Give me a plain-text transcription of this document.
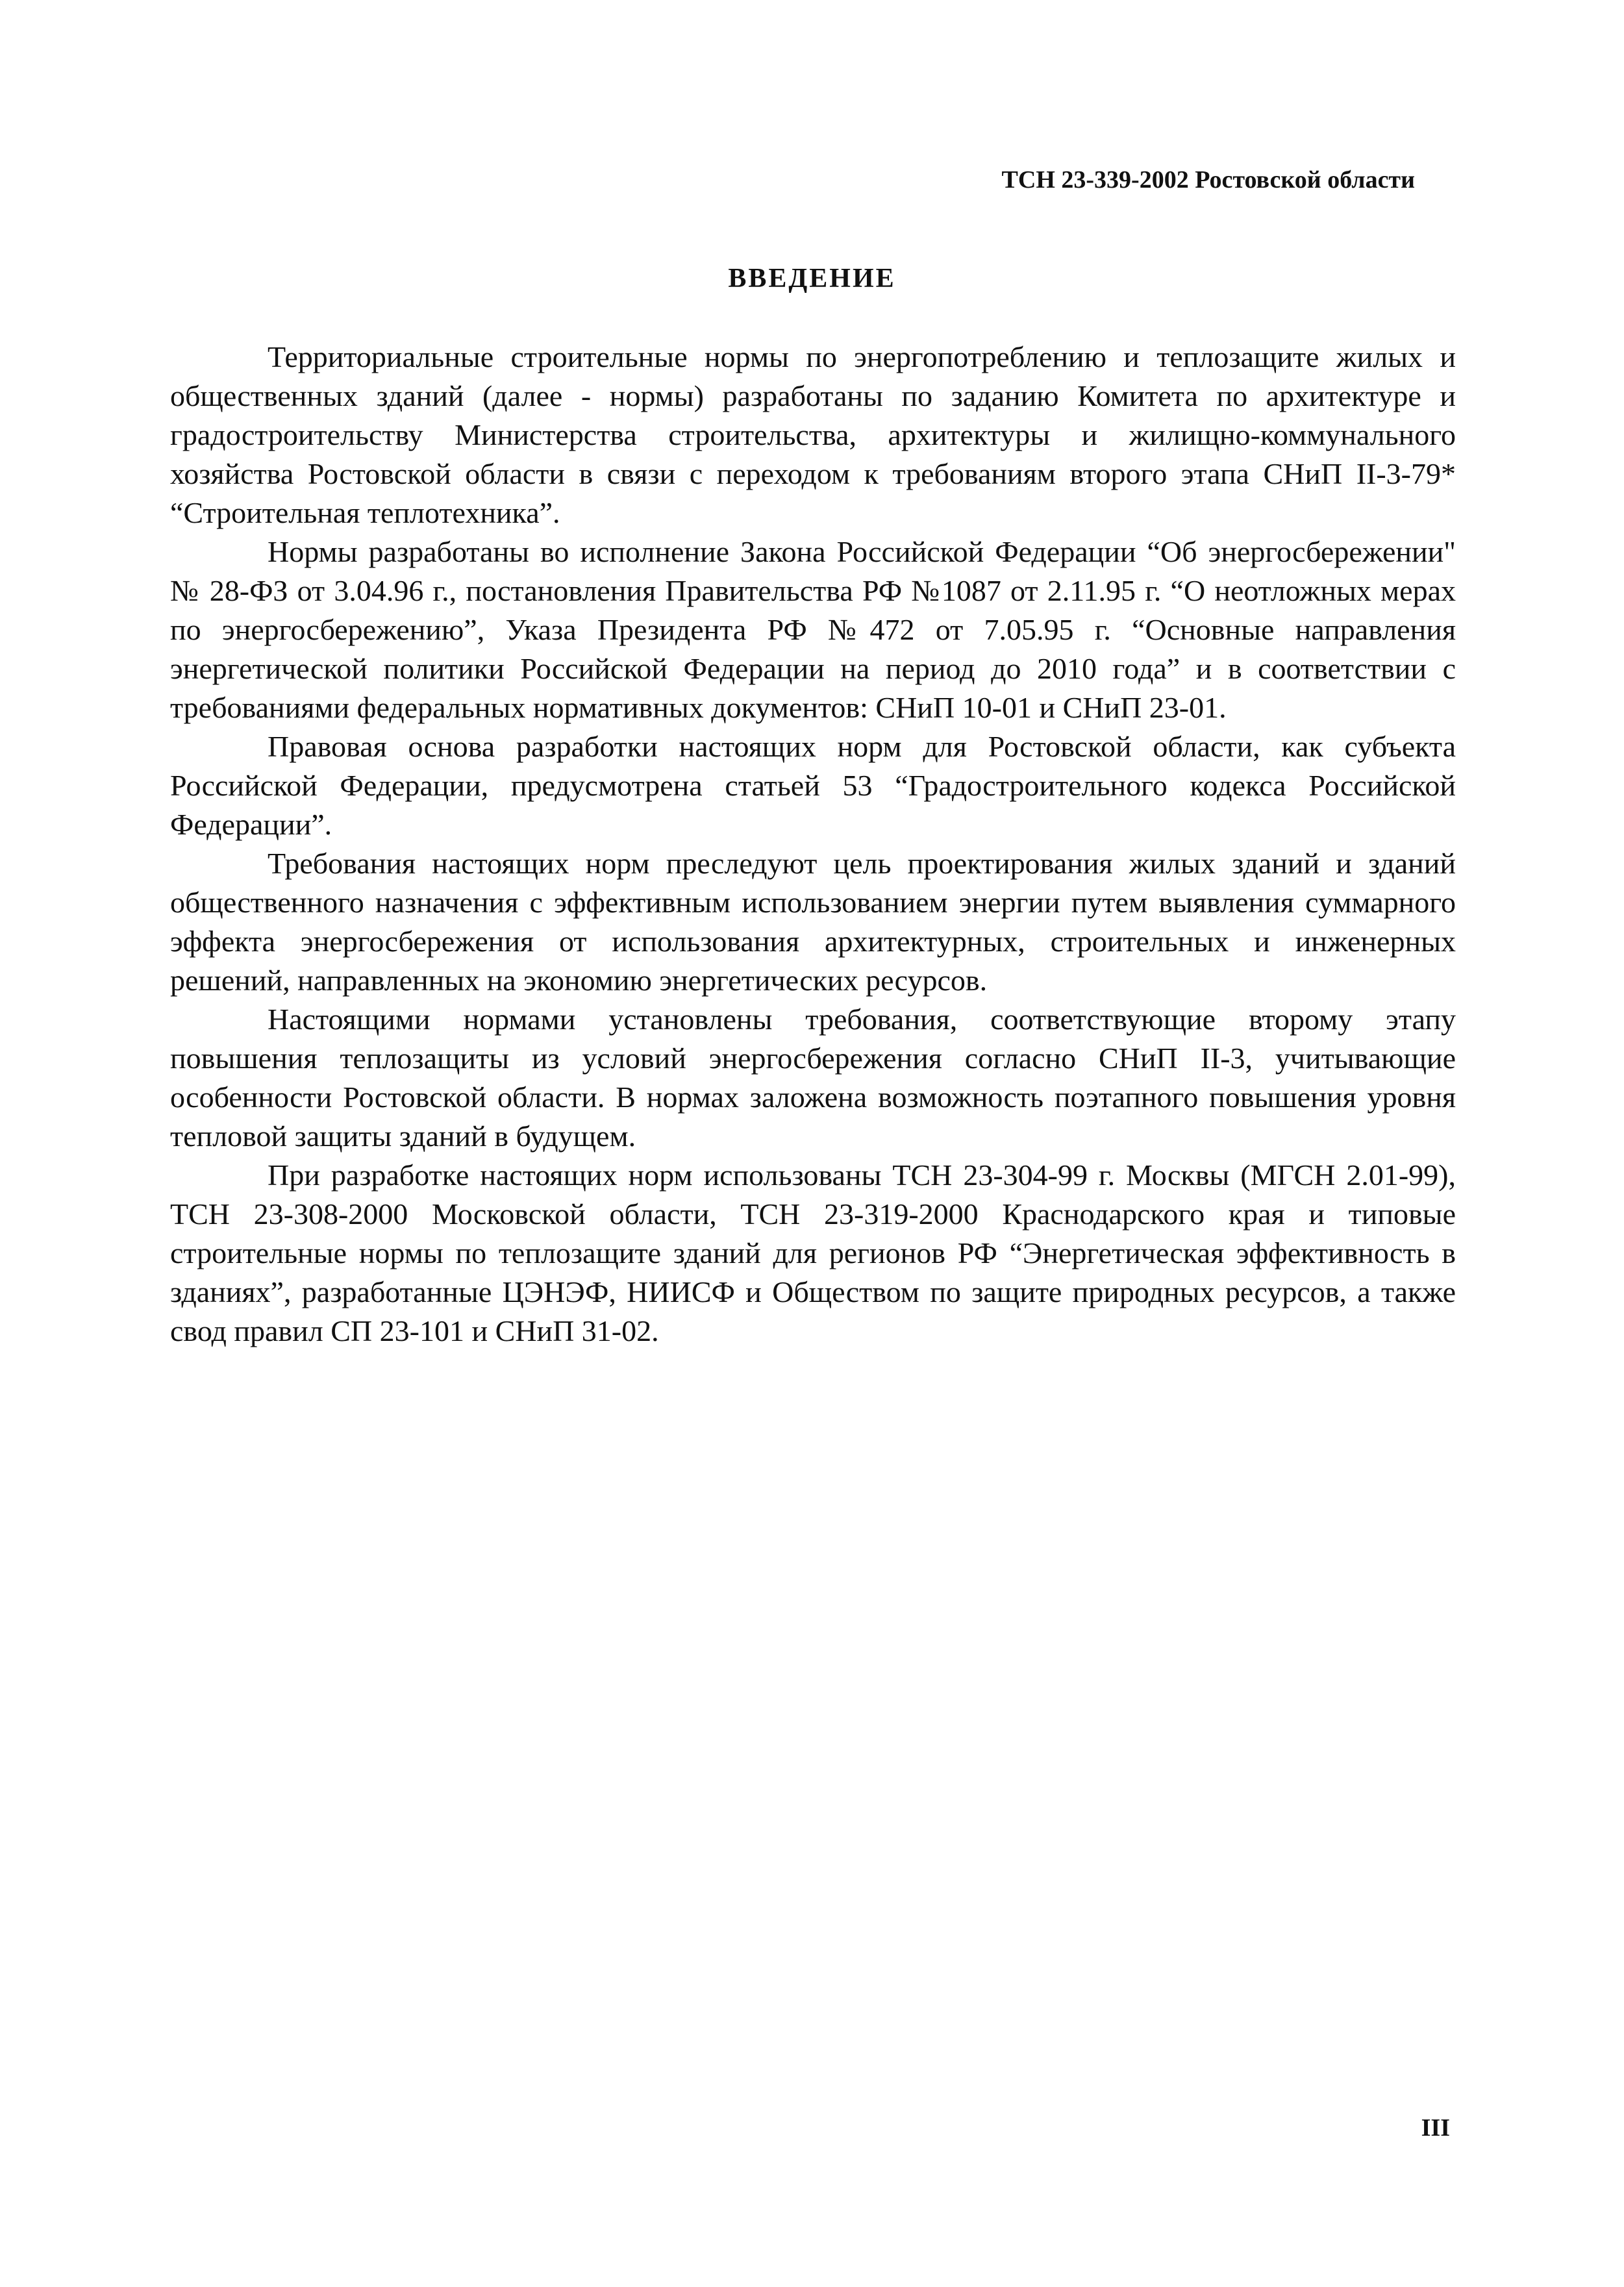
ТСН 23-339-2002 Ростовской области
ВВЕДЕНИЕ

Территориальные строительные нормы по энергопотреблению и теплозащите жилых и общественных зданий (далее - нормы) разработаны по заданию Комитета по архитектуре и градостроительству Министерства строительства, архитектуры и жилищно-коммунального хозяйства Ростовской области в связи с переходом к требованиям второго этапа СНиП II-3-79* “Строительная теплотехника”.

Нормы разработаны во исполнение Закона Российской Федерации “Об энергосбережении" № 28-ФЗ от 3.04.96 г., постановления Правительства РФ №1087 от 2.11.95 г. “О неотложных мерах по энергосбережению”, Указа Президента РФ №472 от 7.05.95 г. “Основные направления энергетической политики Российской Федерации на период до 2010 года” и в соответствии с требованиями федеральных нормативных документов: СНиП 10-01 и СНиП 23-01.

Правовая основа разработки настоящих норм для Ростовской области, как субъекта Российской Федерации, предусмотрена статьей 53 “Градостроительного кодекса Российской Федерации”.

Требования настоящих норм преследуют цель проектирования жилых зданий и зданий общественного назначения с эффективным использованием энергии путем выявления суммарного эффекта энергосбережения от использования архитектурных, строительных и инженерных решений, направленных на экономию энергетических ресурсов.

Настоящими нормами установлены требования, соответствующие второму этапу повышения теплозащиты из условий энергосбережения согласно СНиП II-3, учитывающие особенности Ростовской области. В нормах заложена возможность поэтапного повышения уровня тепловой защиты зданий в будущем.

При разработке настоящих норм использованы ТСН 23-304-99 г. Москвы (МГСН 2.01-99), ТСН 23-308-2000 Московской области, ТСН 23-319-2000 Краснодарского края и типовые строительные нормы по теплозащите зданий для регионов РФ “Энергетическая эффективность в зданиях”, разработанные ЦЭНЭФ, НИИСФ и Обществом по защите природных ресурсов, а также свод правил СП 23-101 и СНиП 31-02.

III
